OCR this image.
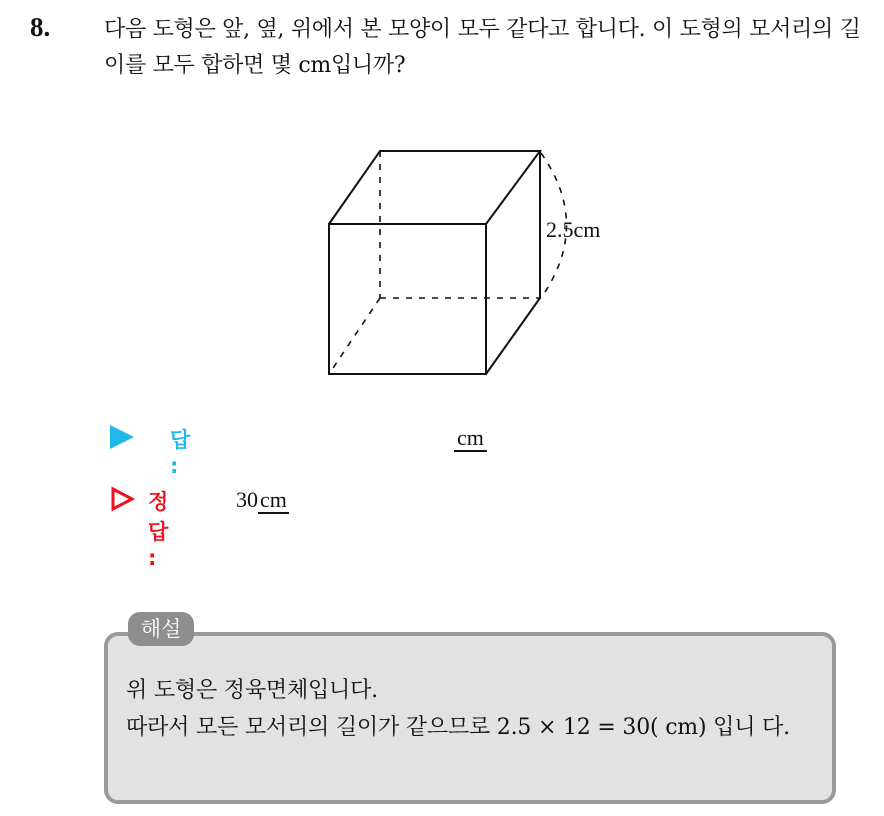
8. 다음 도형은 앞, 옆, 위에서 본 모양이 모두 같다고 합니다. 이 도형의 모서리의 길이를 모두 합하면 몇 cm입니까?
2.5cm
답 :
cm
정답 :
30cm
해설
위 도형은 정육면체입니다.
따라서 모든 모서리의 길이가 같으므로 2.5 × 12 = 30( cm) 입니 다.
